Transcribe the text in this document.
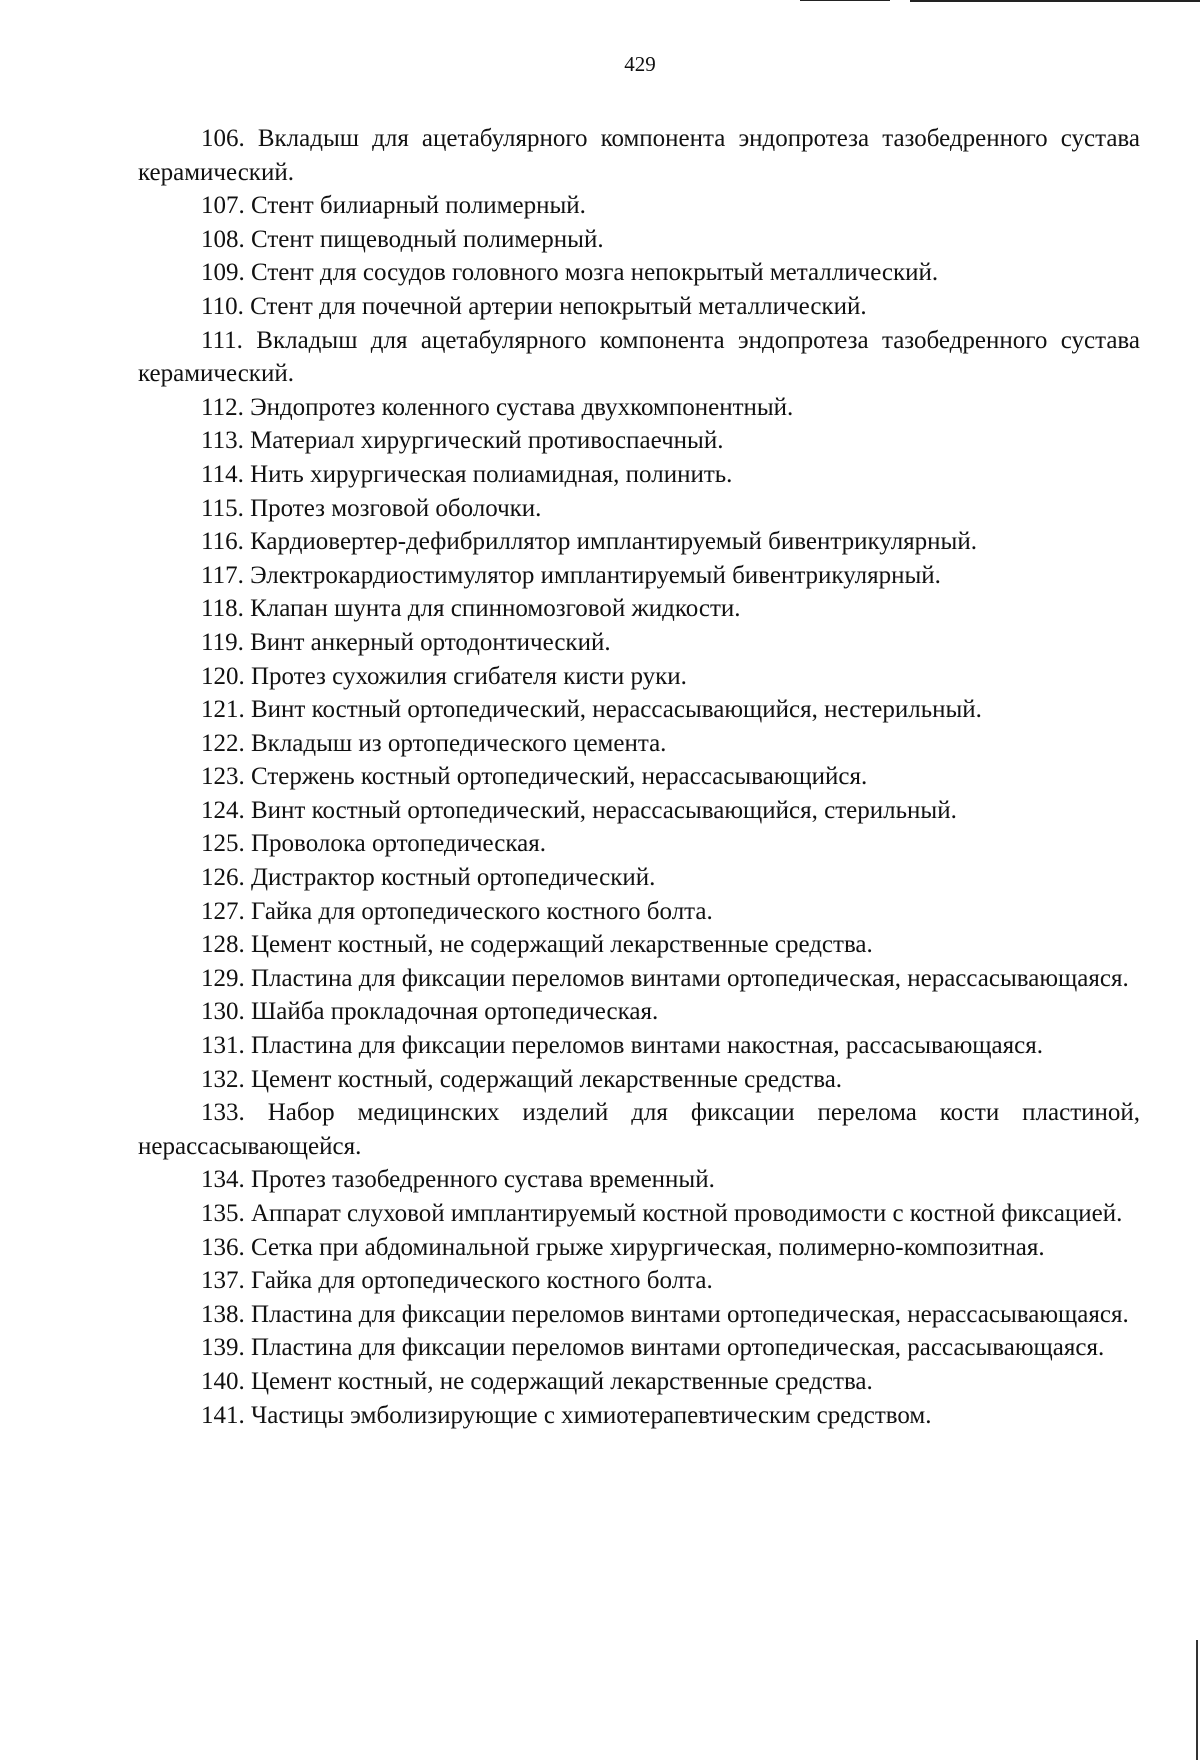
429

106. Вкладыш для ацетабулярного компонента эндопротеза тазобедренного сустава керамический.

107. Стент билиарный полимерный.

108. Стент пищеводный полимерный.

109. Стент для сосудов головного мозга непокрытый металлический.

110. Стент для почечной артерии непокрытый металлический.

111. Вкладыш для ацетабулярного компонента эндопротеза тазобедренного сустава керамический.

112. Эндопротез коленного сустава двухкомпонентный.

113. Материал хирургический противоспаечный.

114. Нить хирургическая полиамидная, полинить.

115. Протез мозговой оболочки.

116. Кардиовертер-дефибриллятор имплантируемый бивентрикулярный.

117. Электрокардиостимулятор имплантируемый бивентрикулярный.

118. Клапан шунта для спинномозговой жидкости.

119. Винт анкерный ортодонтический.

120. Протез сухожилия сгибателя кисти руки.

121. Винт костный ортопедический, нерассасывающийся, нестерильный.

122. Вкладыш из ортопедического цемента.

123. Стержень костный ортопедический, нерассасывающийся.

124. Винт костный ортопедический, нерассасывающийся, стерильный.

125. Проволока ортопедическая.

126. Дистрактор костный ортопедический.

127. Гайка для ортопедического костного болта.

128. Цемент костный, не содержащий лекарственные средства.

129. Пластина для фиксации переломов винтами ортопедическая, нерассасывающаяся.

130. Шайба прокладочная ортопедическая.

131. Пластина для фиксации переломов винтами накостная, рассасывающаяся.

132. Цемент костный, содержащий лекарственные средства.

133. Набор медицинских изделий для фиксации перелома кости пластиной, нерассасывающейся.

134. Протез тазобедренного сустава временный.

135. Аппарат слуховой имплантируемый костной проводимости с костной фиксацией.

136. Сетка при абдоминальной грыже хирургическая, полимерно-композитная.

137. Гайка для ортопедического костного болта.

138. Пластина для фиксации переломов винтами ортопедическая, нерассасывающаяся.

139. Пластина для фиксации переломов винтами ортопедическая, рассасывающаяся.

140. Цемент костный, не содержащий лекарственные средства.

141. Частицы эмболизирующие с химиотерапевтическим средством.
